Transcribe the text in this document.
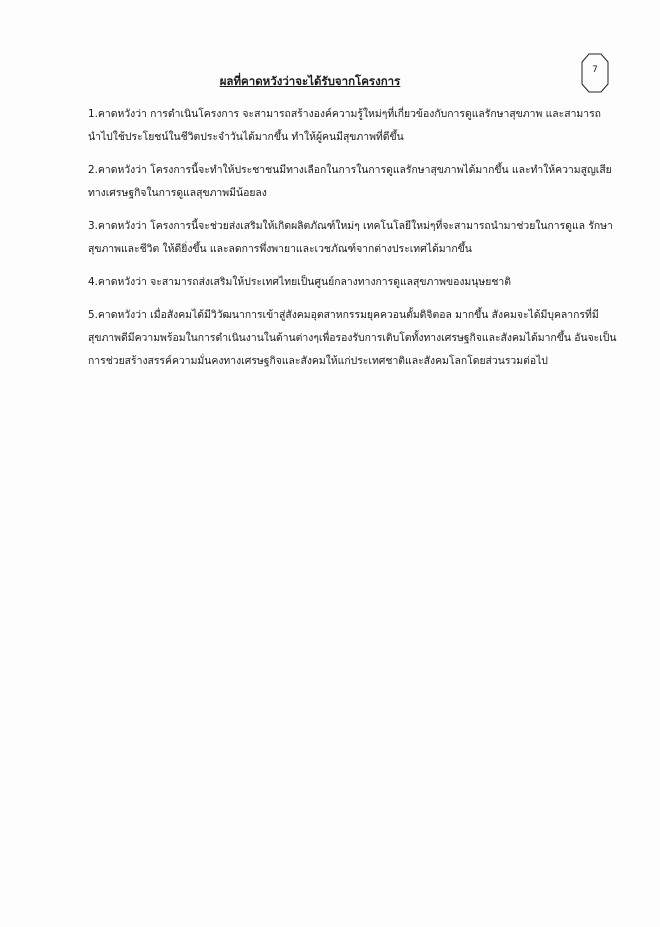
7
ผลที่คาดหวังว่าจะได้รับจากโครงการ

1.คาดหวังว่า การดำเนินโครงการ จะสามารถสร้างองค์ความรู้ใหม่ๆที่เกี่ยวข้องกับการดูแลรักษาสุขภาพ และสามารถ
นำไปใช้ประโยชน์ในชีวิตประจำวันได้มากขึ้น ทำให้ผู้คนมีสุขภาพที่ดีขึ้น

2.คาดหวังว่า โครงการนี้จะทำให้ประชาชนมีทางเลือกในการในการดูแลรักษาสุขภาพได้มากขึ้น และทำให้ความสูญเสีย
ทางเศรษฐกิจในการดูแลสุขภาพมีน้อยลง

3.คาดหวังว่า โครงการนี้จะช่วยส่งเสริมให้เกิดผลิตภัณฑ์ใหม่ๆ เทคโนโลยีใหม่ๆที่จะสามารถนำมาช่วยในการดูแล รักษา
สุขภาพและชีวิต ให้ดียิ่งขึ้น และลดการพึ่งพายาและเวชภัณฑ์จากต่างประเทศได้มากขึ้น

4.คาดหวังว่า จะสามารถส่งเสริมให้ประเทศไทยเป็นศูนย์กลางทางการดูแลสุขภาพของมนุษยชาติ

5.คาดหวังว่า เมื่อสังคมได้มีวิวัฒนาการเข้าสู่สังคมอุตสาหกรรมยุคควอนตั้มดิจิตอล มากขึ้น สังคมจะได้มีบุคลากรที่มี
สุขภาพดีมีความพร้อมในการดำเนินงานในด้านต่างๆเพื่อรองรับการเติบโตทั้งทางเศรษฐกิจและสังคมได้มากขึ้น อันจะเป็น
การช่วยสร้างสรรค์ความมั่นคงทางเศรษฐกิจและสังคมให้แก่ประเทศชาติและสังคมโลกโดยส่วนรวมต่อไป
